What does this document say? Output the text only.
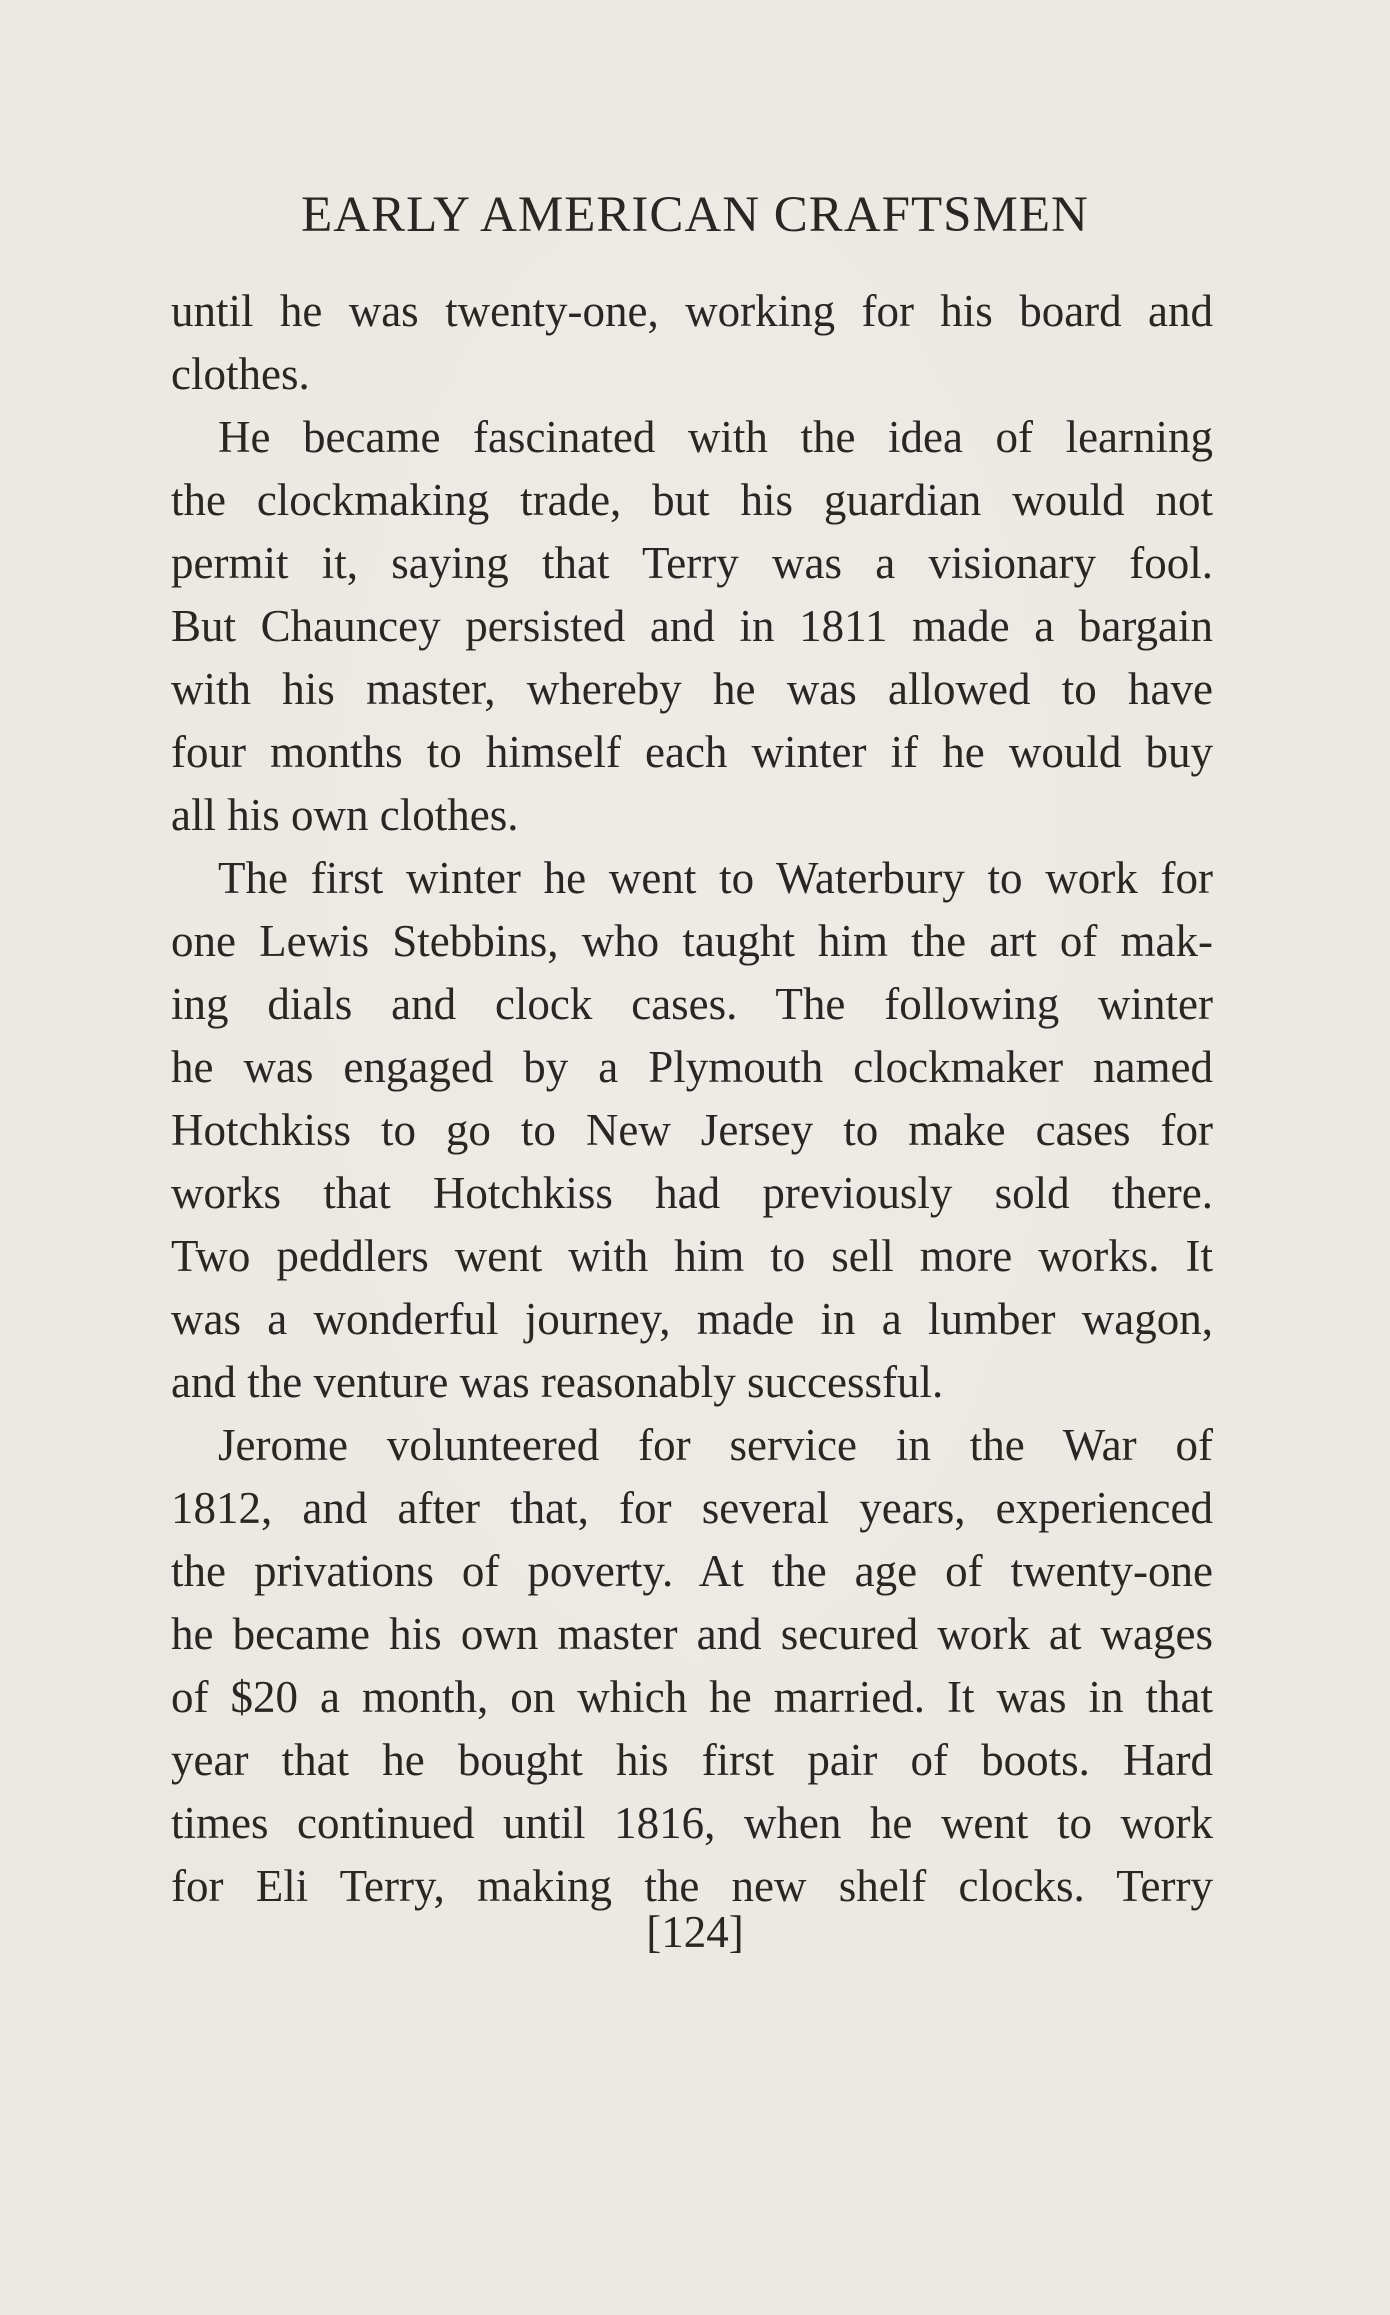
EARLY AMERICAN CRAFTSMEN
until he was twenty-one, working for his board and
clothes.
He became fascinated with the idea of learning
the clockmaking trade, but his guardian would not
permit it, saying that Terry was a visionary fool.
But Chauncey persisted and in 1811 made a bargain
with his master, whereby he was allowed to have
four months to himself each winter if he would buy
all his own clothes.
The first winter he went to Waterbury to work for
one Lewis Stebbins, who taught him the art of mak-
ing dials and clock cases. The following winter
he was engaged by a Plymouth clockmaker named
Hotchkiss to go to New Jersey to make cases for
works that Hotchkiss had previously sold there.
Two peddlers went with him to sell more works. It
was a wonderful journey, made in a lumber wagon,
and the venture was reasonably successful.
Jerome volunteered for service in the War of
1812, and after that, for several years, experienced
the privations of poverty. At the age of twenty-one
he became his own master and secured work at wages
of $20 a month, on which he married. It was in that
year that he bought his first pair of boots. Hard
times continued until 1816, when he went to work
for Eli Terry, making the new shelf clocks. Terry
[124]
